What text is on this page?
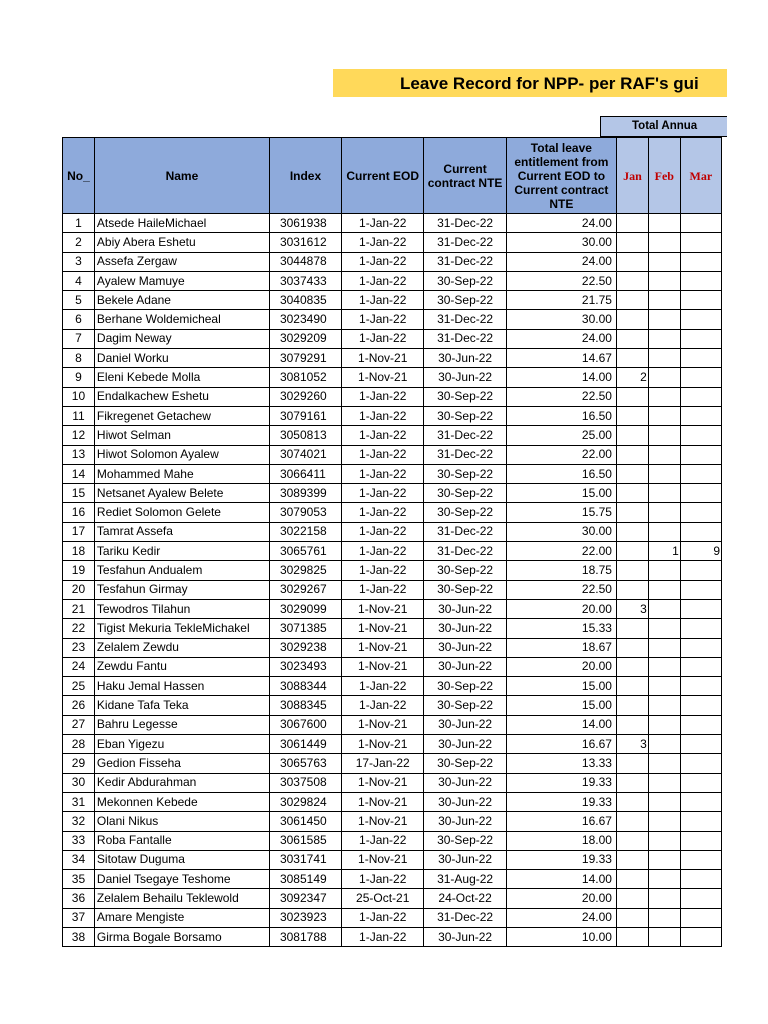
Leave Record for NPP- per RAF's gui
Total Annua
No_	Name	Index	Current EOD	Current contract NTE	Total leave entitlement from Current EOD to Current contract NTE	Jan	Feb	Mar
1	Atsede HaileMichael	3061938	1-Jan-22	31-Dec-22	24.00			
2	Abiy Abera Eshetu	3031612	1-Jan-22	31-Dec-22	30.00			
3	Assefa Zergaw	3044878	1-Jan-22	31-Dec-22	24.00			
4	Ayalew Mamuye	3037433	1-Jan-22	30-Sep-22	22.50			
5	Bekele Adane	3040835	1-Jan-22	30-Sep-22	21.75			
6	Berhane Woldemicheal	3023490	1-Jan-22	31-Dec-22	30.00			
7	Dagim Neway	3029209	1-Jan-22	31-Dec-22	24.00			
8	Daniel Worku	3079291	1-Nov-21	30-Jun-22	14.67			
9	Eleni Kebede Molla	3081052	1-Nov-21	30-Jun-22	14.00	2		
10	Endalkachew Eshetu	3029260	1-Jan-22	30-Sep-22	22.50			
11	Fikregenet Getachew	3079161	1-Jan-22	30-Sep-22	16.50			
12	Hiwot Selman	3050813	1-Jan-22	31-Dec-22	25.00			
13	Hiwot Solomon Ayalew	3074021	1-Jan-22	31-Dec-22	22.00			
14	Mohammed Mahe	3066411	1-Jan-22	30-Sep-22	16.50			
15	Netsanet Ayalew Belete	3089399	1-Jan-22	30-Sep-22	15.00			
16	Rediet Solomon Gelete	3079053	1-Jan-22	30-Sep-22	15.75			
17	Tamrat Assefa	3022158	1-Jan-22	31-Dec-22	30.00			
18	Tariku Kedir	3065761	1-Jan-22	31-Dec-22	22.00		1	9
19	Tesfahun Andualem	3029825	1-Jan-22	30-Sep-22	18.75			
20	Tesfahun Girmay	3029267	1-Jan-22	30-Sep-22	22.50			
21	Tewodros Tilahun	3029099	1-Nov-21	30-Jun-22	20.00	3		
22	Tigist Mekuria TekleMichakel	3071385	1-Nov-21	30-Jun-22	15.33			
23	Zelalem Zewdu	3029238	1-Nov-21	30-Jun-22	18.67			
24	Zewdu Fantu	3023493	1-Nov-21	30-Jun-22	20.00			
25	Haku Jemal Hassen	3088344	1-Jan-22	30-Sep-22	15.00			
26	Kidane Tafa Teka	3088345	1-Jan-22	30-Sep-22	15.00			
27	Bahru Legesse	3067600	1-Nov-21	30-Jun-22	14.00			
28	Eban Yigezu	3061449	1-Nov-21	30-Jun-22	16.67	3		
29	Gedion Fisseha	3065763	17-Jan-22	30-Sep-22	13.33			
30	Kedir Abdurahman	3037508	1-Nov-21	30-Jun-22	19.33			
31	Mekonnen Kebede	3029824	1-Nov-21	30-Jun-22	19.33			
32	Olani Nikus	3061450	1-Nov-21	30-Jun-22	16.67			
33	Roba Fantalle	3061585	1-Jan-22	30-Sep-22	18.00			
34	Sitotaw Duguma	3031741	1-Nov-21	30-Jun-22	19.33			
35	Daniel Tsegaye Teshome	3085149	1-Jan-22	31-Aug-22	14.00			
36	Zelalem Behailu Teklewold	3092347	25-Oct-21	24-Oct-22	20.00			
37	Amare Mengiste	3023923	1-Jan-22	31-Dec-22	24.00			
38	Girma Bogale Borsamo	3081788	1-Jan-22	30-Jun-22	10.00			
